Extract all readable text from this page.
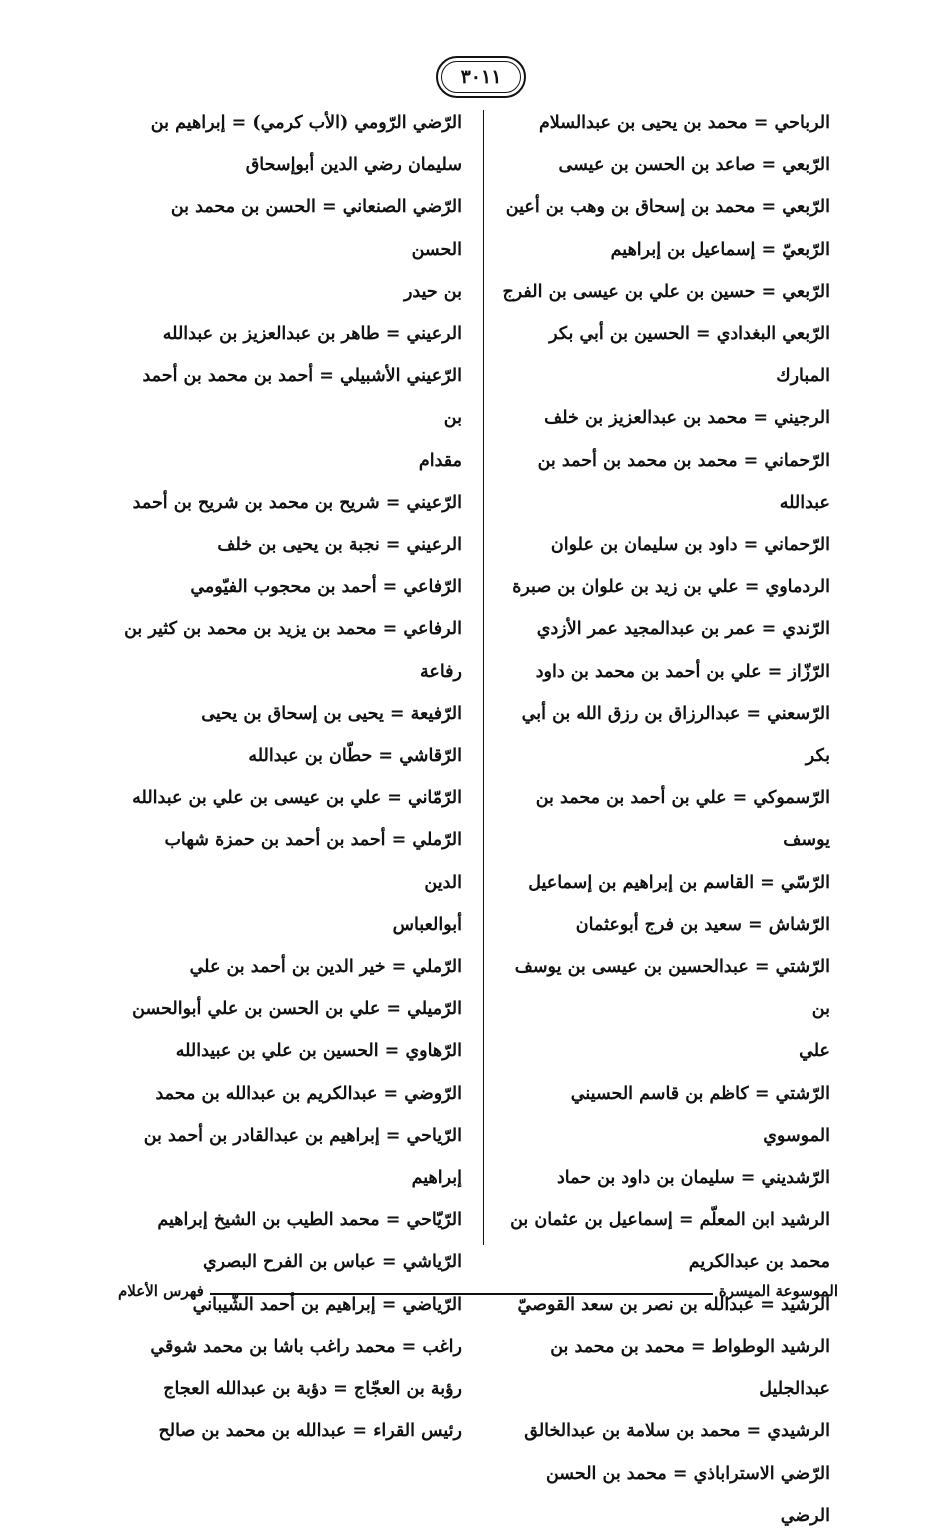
٣٠١١
الرباحي = محمد بن يحيى بن عبدالسلام
الرّبعي = صاعد بن الحسن بن عيسى
الرّبعي = محمد بن إسحاق بن وهب بن أعين
الرّبعيّ = إسماعيل بن إبراهيم
الرّبعي = حسين بن علي بن عيسى بن الفرج
الرّبعي البغدادي = الحسين بن أبي بكر المبارك
الرجيني = محمد بن عبدالعزيز بن خلف
الرّحماني = محمد بن محمد بن أحمد بن عبدالله
الرّحماني = داود بن سليمان بن علوان
الردماوي = علي بن زيد بن علوان بن صبرة
الرّندي = عمر بن عبدالمجيد عمر الأزدي
الرّزّاز = علي بن أحمد بن محمد بن داود
الرّسعني = عبدالرزاق بن رزق الله بن أبي بكر
الرّسموكي = علي بن أحمد بن محمد بن يوسف
الرّسّي = القاسم بن إبراهيم بن إسماعيل
الرّشاش = سعيد بن فرج أبوعثمان
الرّشتي = عبدالحسين بن عيسى بن يوسف بن
علي
الرّشتي = كاظم بن قاسم الحسيني الموسوي
الرّشديني = سليمان بن داود بن حماد
الرشيد ابن المعلّم = إسماعيل بن عثمان بن
محمد بن عبدالكريم
الرشيد = عبدالله بن نصر بن سعد القوصيّ
الرشيد الوطواط = محمد بن محمد بن
عبدالجليل
الرشيدي = محمد بن سلامة بن عبدالخالق
الرّضي الاستراباذي = محمد بن الحسن الرضي
الرّضي الرّومي (الأب كرمي) = إبراهيم بن
سليمان رضي الدين أبوإسحاق
الرّضي الصنعاني = الحسن بن محمد بن الحسن
بن حيدر
الرعيني = طاهر بن عبدالعزيز بن عبدالله
الرّعيني الأشبيلي = أحمد بن محمد بن أحمد بن
مقدام
الرّعيني = شريح بن محمد بن شريح بن أحمد
الرعيني = نجبة بن يحيى بن خلف
الرّفاعي = أحمد بن محجوب الفيّومي
الرفاعي = محمد بن يزيد بن محمد بن كثير بن
رفاعة
الرّفيعة = يحيى بن إسحاق بن يحيى
الرّقاشي = حطّان بن عبدالله
الرّمّاني = علي بن عيسى بن علي بن عبدالله
الرّملي = أحمد بن أحمد بن حمزة شهاب الدين
أبوالعباس
الرّملي = خير الدين بن أحمد بن علي
الرّميلي = علي بن الحسن بن علي أبوالحسن
الرّهاوي = الحسين بن علي بن عبيدالله
الرّوضي = عبدالكريم بن عبدالله بن محمد
الرّياحي = إبراهيم بن عبدالقادر بن أحمد بن
إبراهيم
الرّيّاحي = محمد الطيب بن الشيخ إبراهيم
الرّياشي = عباس بن الفرح البصري
الرّياضي = إبراهيم بن أحمد الشّيباني
راغب = محمد راغب باشا بن محمد شوقي
رؤبة بن العجّاج = دؤبة بن عبدالله العجاج
رئيس القراء = عبدالله بن محمد بن صالح
الموسوعة الميسرة
فهرس الأعلام
